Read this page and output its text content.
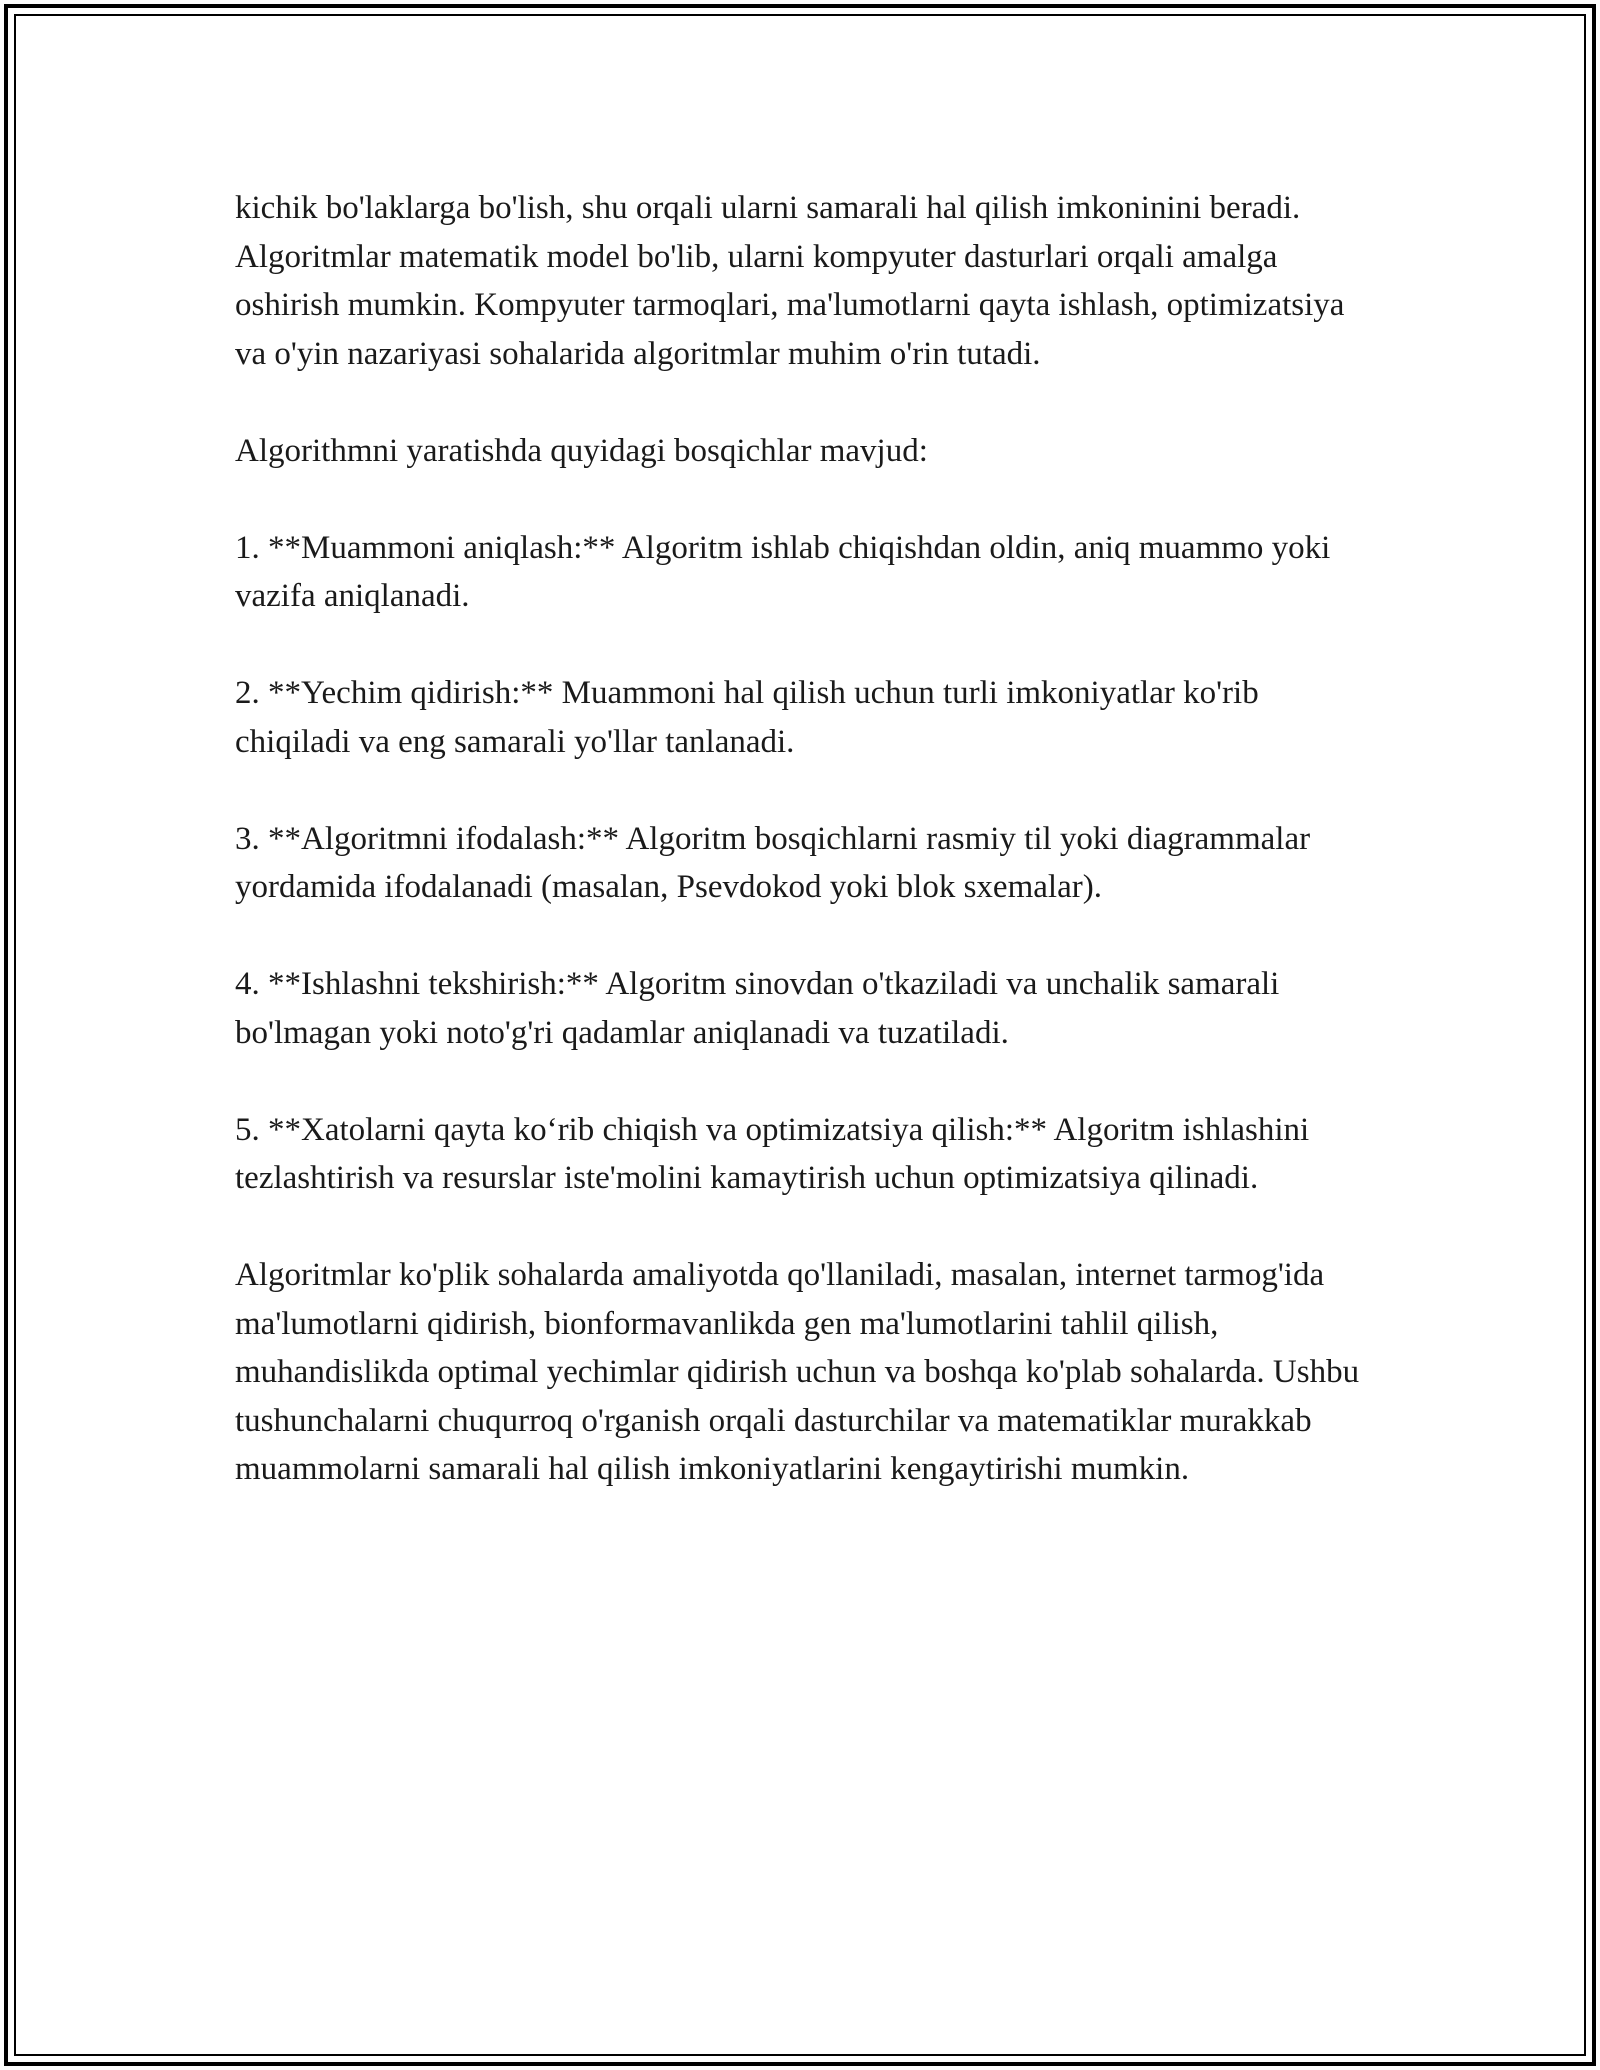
kichik bo'laklarga bo'lish, shu orqali ularni samarali hal qilish imkoninini beradi. Algoritmlar matematik model bo'lib, ularni kompyuter dasturlari orqali amalga oshirish mumkin. Kompyuter tarmoqlari, ma'lumotlarni qayta ishlash, optimizatsiya va o'yin nazariyasi sohalarida algoritmlar muhim o'rin tutadi.

Algorithmni yaratishda quyidagi bosqichlar mavjud:

1. **Muammoni aniqlash:** Algoritm ishlab chiqishdan oldin, aniq muammo yoki vazifa aniqlanadi.

2. **Yechim qidirish:** Muammoni hal qilish uchun turli imkoniyatlar ko'rib chiqiladi va eng samarali yo'llar tanlanadi.

3. **Algoritmni ifodalash:** Algoritm bosqichlarni rasmiy til yoki diagrammalar yordamida ifodalanadi (masalan, Psevdokod yoki blok sxemalar).

4. **Ishlashni tekshirish:** Algoritm sinovdan o'tkaziladi va unchalik samarali bo'lmagan yoki noto'g'ri qadamlar aniqlanadi va tuzatiladi.

5. **Xatolarni qayta ko‘rib chiqish va optimizatsiya qilish:** Algoritm ishlashini tezlashtirish va resurslar iste'molini kamaytirish uchun optimizatsiya qilinadi.

Algoritmlar ko'plik sohalarda amaliyotda qo'llaniladi, masalan, internet tarmog'ida ma'lumotlarni qidirish, bionformavanlikda gen ma'lumotlarini tahlil qilish, muhandislikda optimal yechimlar qidirish uchun va boshqa ko'plab sohalarda. Ushbu tushunchalarni chuqurroq o'rganish orqali dasturchilar va matematiklar murakkab muammolarni samarali hal qilish imkoniyatlarini kengaytirishi mumkin.
